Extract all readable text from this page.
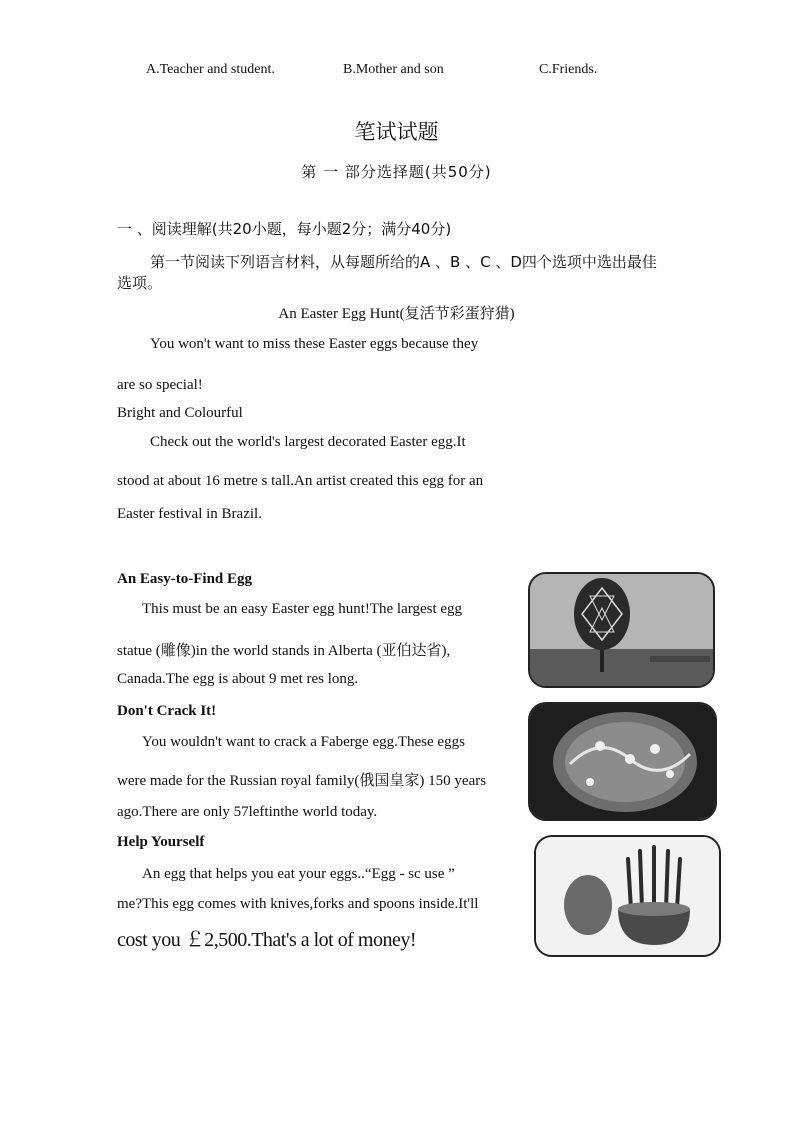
A.Teacher and student.	B.Mother and son	C.Friends.
笔试试题
第 一 部分选择题(共50分)
一 、阅读理解(共20小题，每小题2分；满分40分)
第一节阅读下列语言材料，从每题所给的A 、B 、C 、D四个选项中选出最佳
选项。
An Easter Egg Hunt(复活节彩蛋狩猎)
You won't want to miss these Easter eggs because they
are so special!
Bright and Colourful
Check out the world's largest decorated Easter egg.It
stood at about 16 metre s tall.An artist created this egg for an
Easter festival in Brazil.
An Easy-to-Find Egg
This must be an easy Easter egg hunt!The largest egg
statue (雕像)in the world stands in Alberta (亚伯达省),
Canada.The egg is about 9 met res long.
Don't Crack It!
You wouldn't want to crack a Faberge egg.These eggs
were made for the Russian royal family(俄国皇家) 150 years
ago.There are only 57leftinthe world today.
Help Yourself
An egg that helps you eat your eggs..“Egg - sc use ”
me?This egg comes with knives,forks and spoons inside.It'll
cost you ￡2,500.That's a lot of money!
